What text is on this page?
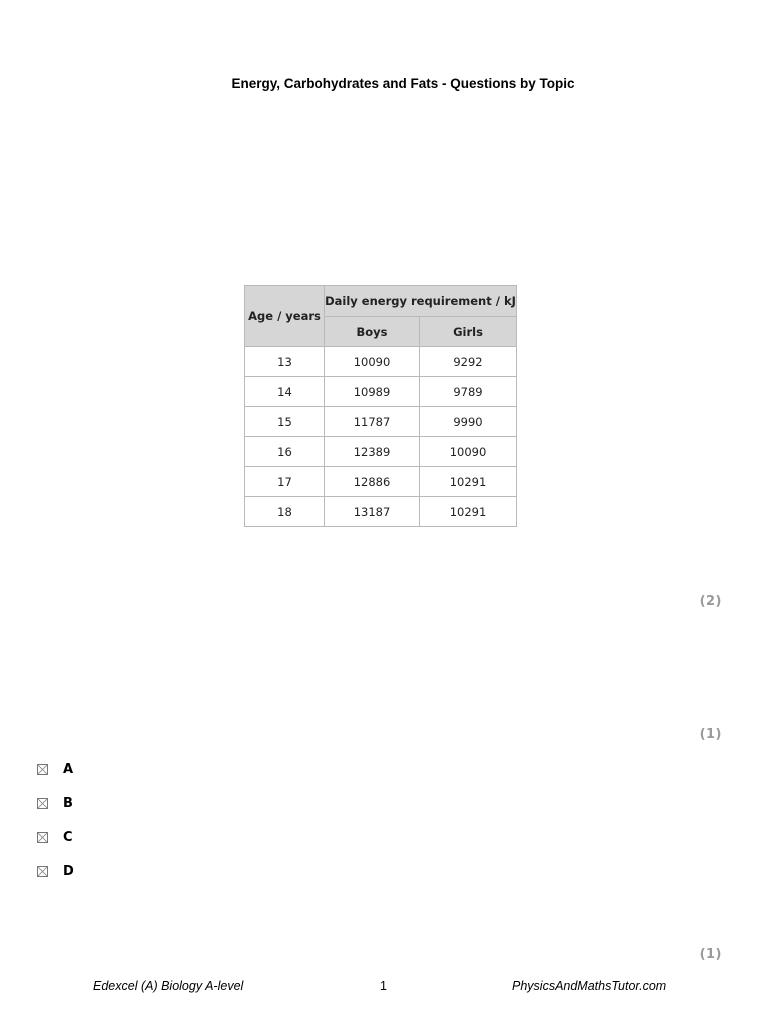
Energy, Carbohydrates and Fats - Questions by Topic
Age / years	Daily energy requirement / kJ	
	Boys	Girls
13	10090	9292
14	10989	9789
15	11787	9990
16	12389	10090
17	12886	10291
18	13187	10291
(2)
(1)
(1)
A
B
C
D
Edexcel (A) Biology A-level	1	PhysicsAndMathsTutor.com
